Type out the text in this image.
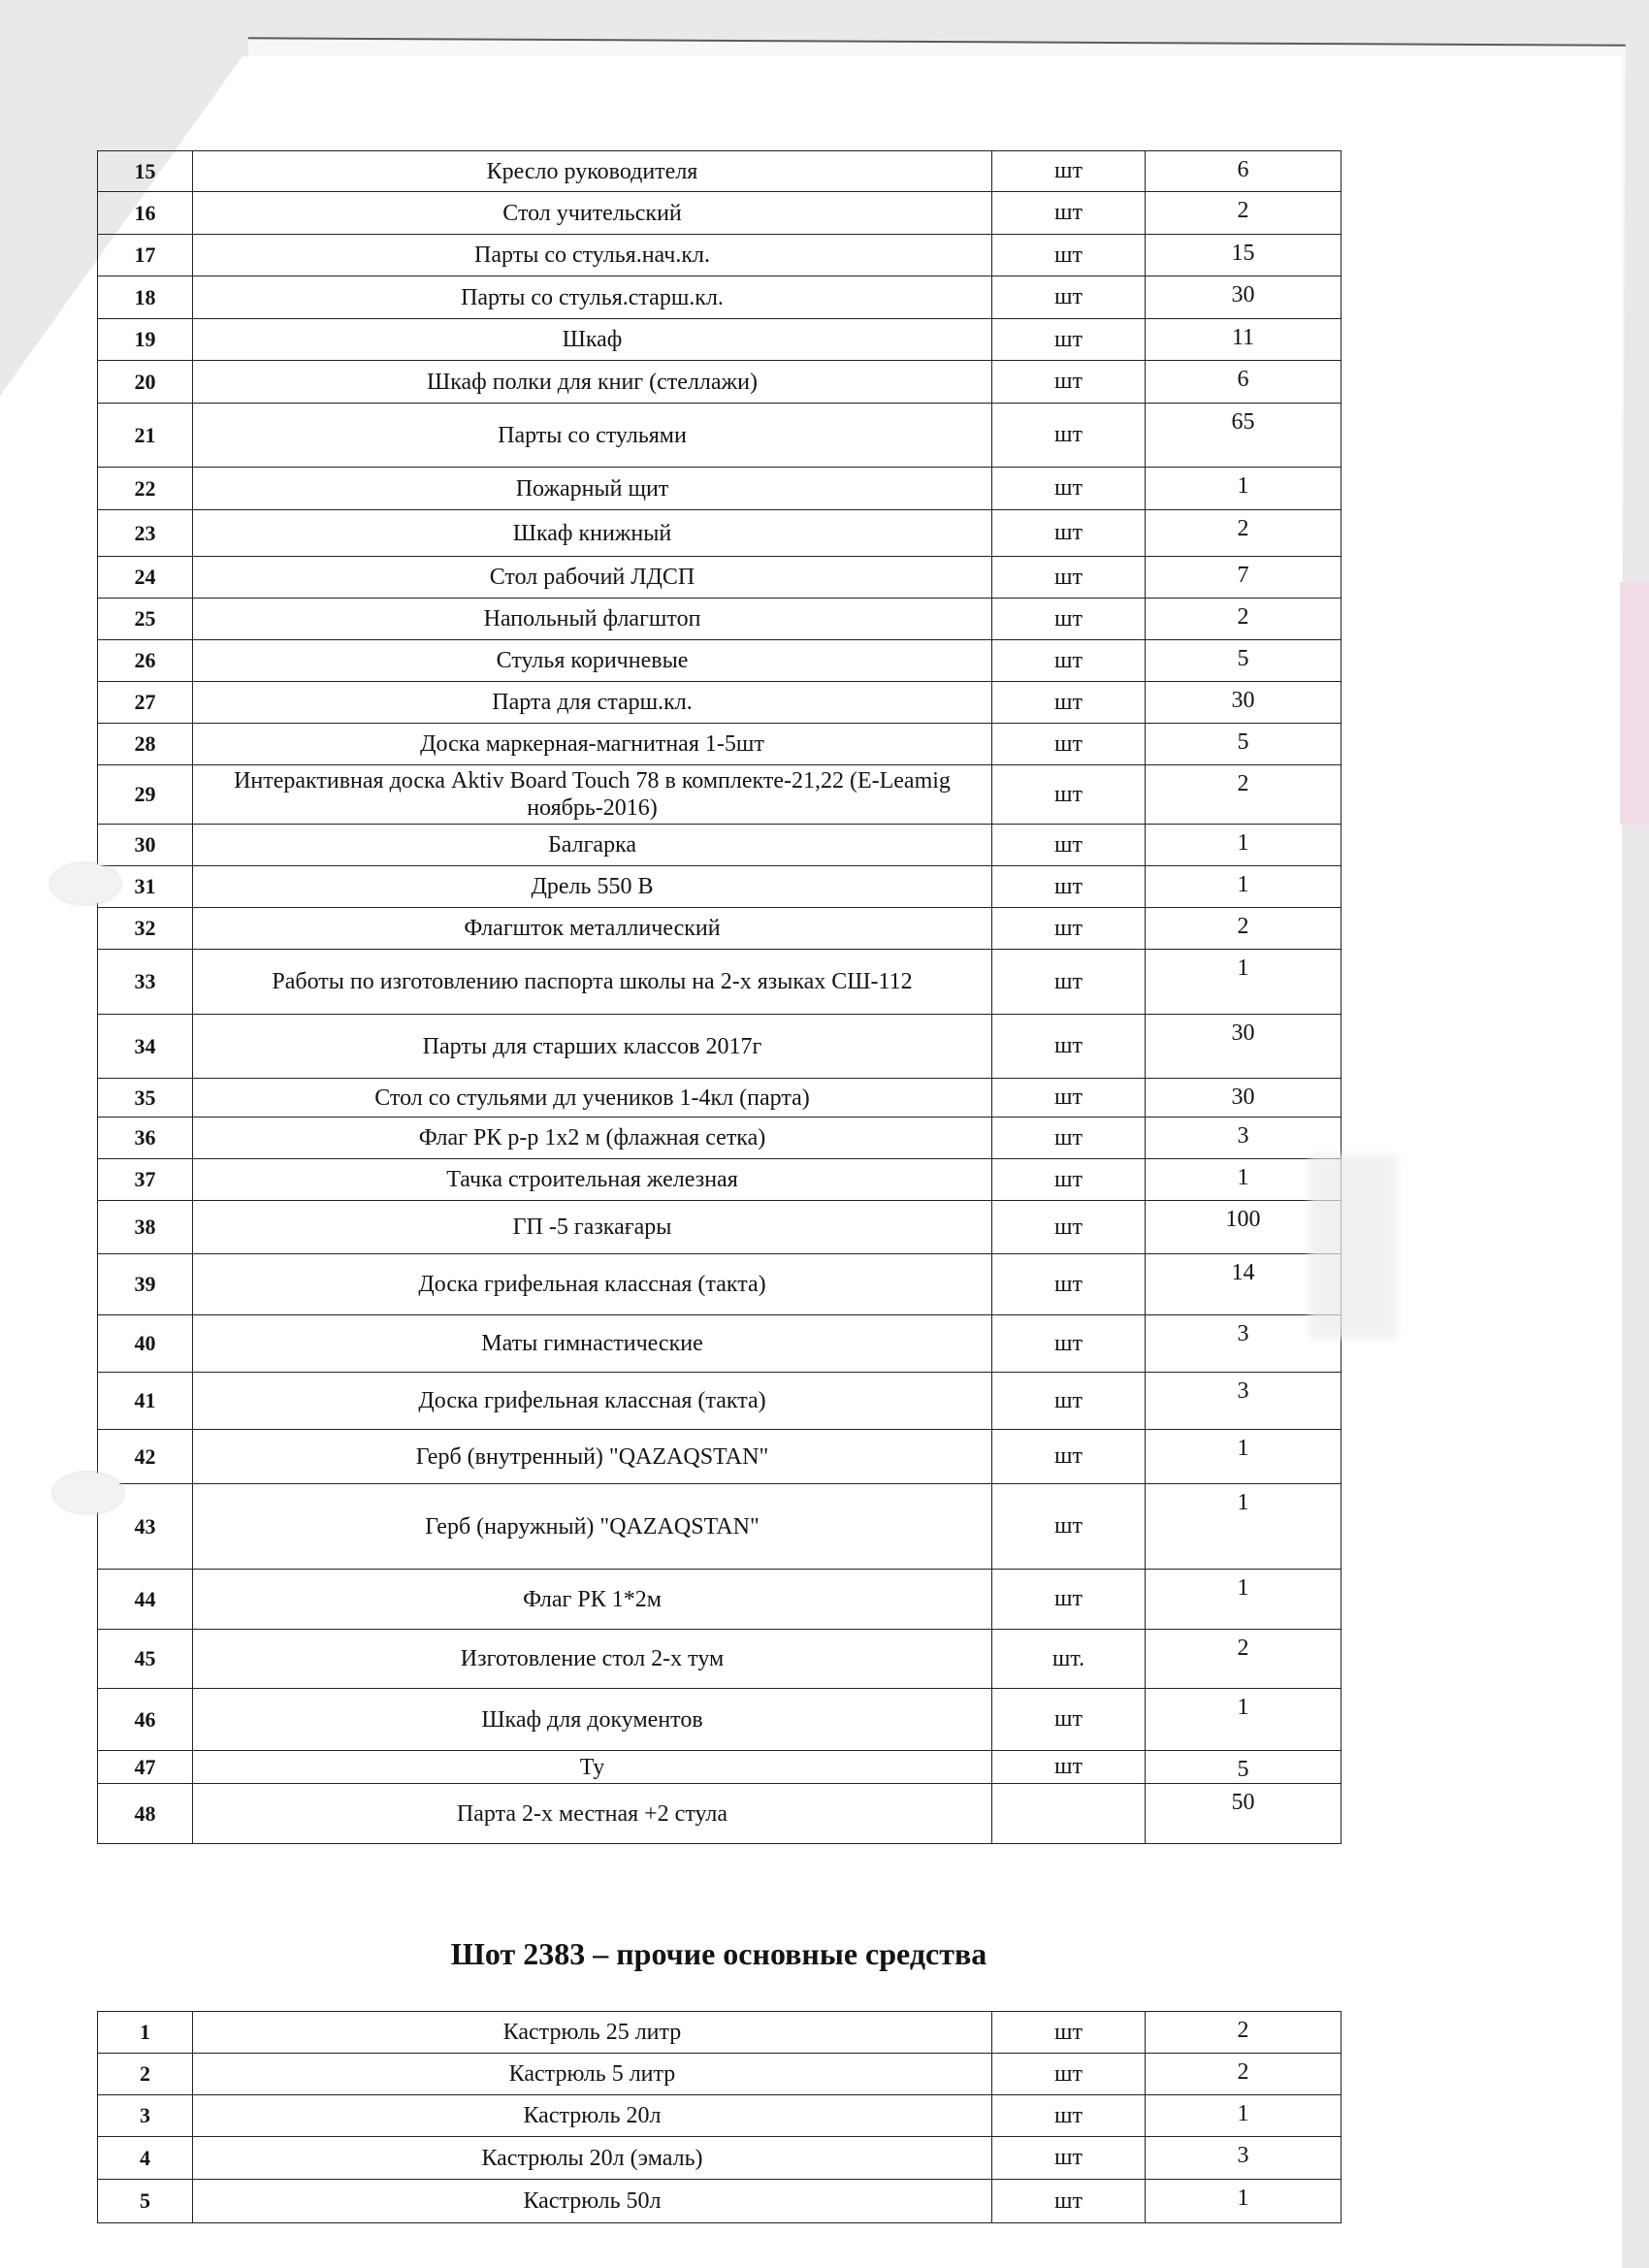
15	Кресло руководителя	шт	6
16	Стол учительский	шт	2
17	Парты со стулья.нач.кл.	шт	15
18	Парты со стулья.старш.кл.	шт	30
19	Шкаф	шт	11
20	Шкаф полки для книг (стеллажи)	шт	6
21	Парты со стульями	шт	65
22	Пожарный щит	шт	1
23	Шкаф книжный	шт	2
24	Стол рабочий ЛДСП	шт	7
25	Напольный флагштоп	шт	2
26	Стулья коричневые	шт	5
27	Парта для старш.кл.	шт	30
28	Доска маркерная-магнитная 1-5шт	шт	5
29	Интерактивная доска Aktiv Board Touch 78 в комплекте-21,22 (E-Leamig ноябрь-2016)	шт	2
30	Балгарка	шт	1
31	Дрель 550 В	шт	1
32	Флагшток металлический	шт	2
33	Работы по изготовлению паспорта школы на 2-х языках СШ-112	шт	1
34	Парты для старших классов 2017г	шт	30
35	Стол со стульями дл учеников 1-4кл (парта)	шт	30
36	Флаг РК р-р 1х2 м (флажная сетка)	шт	3
37	Тачка строительная железная	шт	1
38	ГП -5 газкағары	шт	100
39	Доска грифельная классная (такта)	шт	14
40	Маты гимнастические	шт	3
41	Доска грифельная классная (такта)	шт	3
42	Герб (внутренный) "QAZAQSTAN"	шт	1
43	Герб (наружный) "QAZAQSTAN"	шт	1
44	Флаг РК 1*2м	шт	1
45	Изготовление стол 2-х тум	шт.	2
46	Шкаф для документов	шт	1
47	Ту	шт	5
48	Парта 2-х местная +2 стула		50
Шот 2383 – прочие основные средства
1	Кастрюль 25 литр	шт	2
2	Кастрюль 5 литр	шт	2
3	Кастрюль 20л	шт	1
4	Кастрюлы 20л (эмаль)	шт	3
5	Кастрюль 50л	шт	1
